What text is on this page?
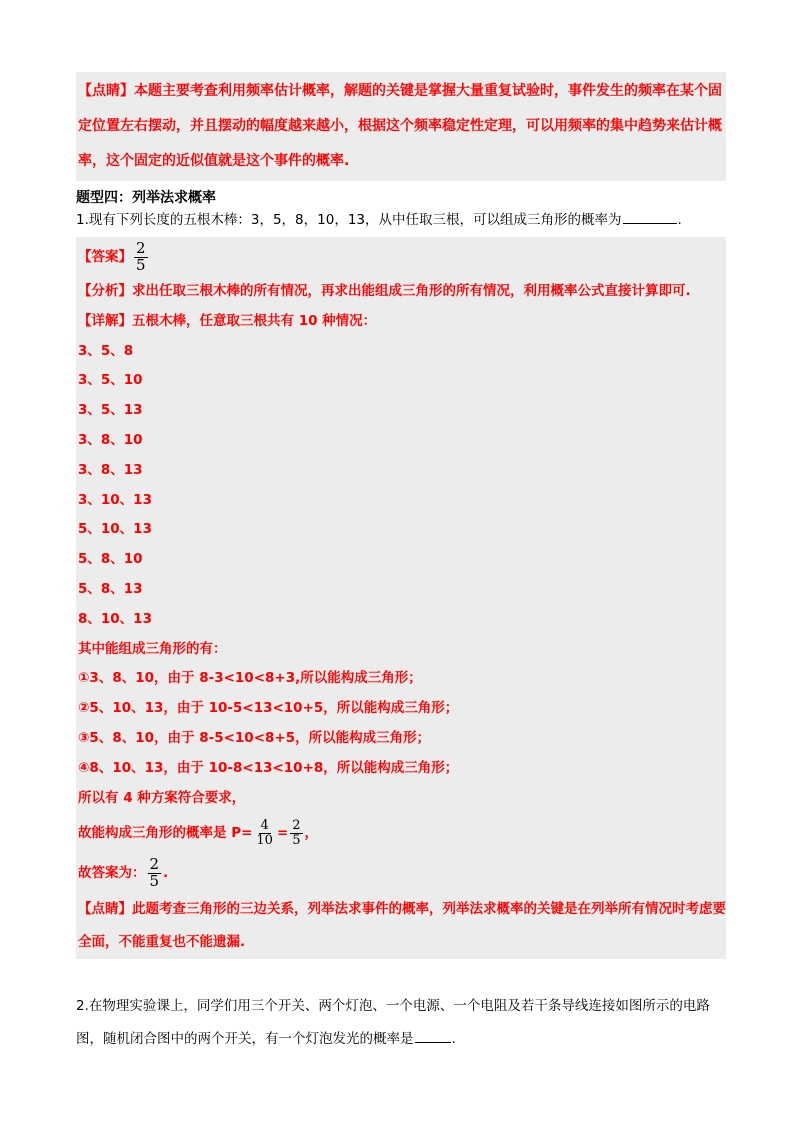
【点睛】本题主要考查利用频率估计概率，解题的关键是掌握大量重复试验时，事件发生的频率在某个固定位置左右摆动，并且摆动的幅度越来越小，根据这个频率稳定性定理，可以用频率的集中趋势来估计概率，这个固定的近似值就是这个事件的概率.
题型四：列举法求概率
1.现有下列长度的五根木棒：3，5，8，10，13，从中任取三根，可以组成三角形的概率为	.
【答案】 $\frac{2}{5}$
【分析】求出任取三根木棒的所有情况，再求出能组成三角形的所有情况，利用概率公式直接计算即可.
【详解】五根木棒，任意取三根共有 10 种情况：
3、5、8
3、5、10
3、5、13
3、8、10
3、8、13
3、10、13
5、10、13
5、8、10
5、8、13
8、10、13
其中能组成三角形的有：
①3、8、10，由于 8-3<10<8+3,所以能构成三角形；
②5、10、13，由于 10-5<13<10+5，所以能构成三角形；
③5、8、10，由于 8-5<10<8+5，所以能构成三角形；
④8、10、13，由于 10-8<13<10+8，所以能构成三角形；
所以有 4 种方案符合要求，
故能构成三角形的概率是 $P= \frac{4}{10} = \frac{2}{5}$ ，
故答案为： $\frac{2}{5}$ .
【点睛】此题考查三角形的三边关系，列举法求事件的概率，列举法求概率的关键是在列举所有情况时考虑要全面，不能重复也不能遗漏.
2.在物理实验课上，同学们用三个开关、两个灯泡、一个电源、一个电阻及若干条导线连接如图所示的电路图，随机闭合图中的两个开关，有一个灯泡发光的概率是	.
